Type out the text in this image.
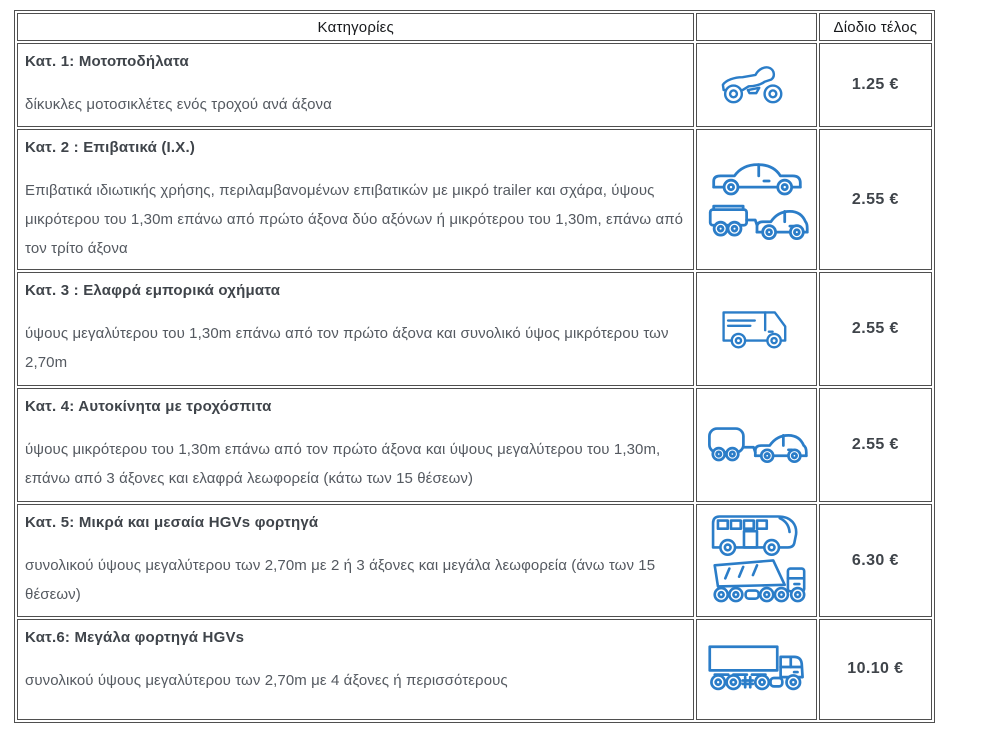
Κατηγορίες		Δίοδιο τέλος

Κατ. 1: Μοτοποδήλατα

δίκυκλες μοτοσικλέτες ενός τροχού ανά άξονα		1.25 €

Κατ. 2 : Επιβατικά (Ι.Χ.)

Επιβατικά ιδιωτικής χρήσης, περιλαμβανομένων επιβατικών με μικρό trailer και σχάρα, ύψους μικρότερου του 1,30m επάνω από πρώτο άξονα δύο αξόνων ή μικρότερου του 1,30m, επάνω από τον τρίτο άξονα		2.55 €

Κατ. 3 : Ελαφρά εμπορικά οχήματα

ύψους μεγαλύτερου του 1,30m επάνω από τον πρώτο άξονα και συνολικό ύψος μικρότερου των 2,70m		2.55 €

Κατ. 4: Αυτοκίνητα με τροχόσπιτα

ύψους μικρότερου του 1,30m επάνω από τον πρώτο άξονα και ύψους μεγαλύτερου του 1,30m, επάνω από 3 άξονες και ελαφρά λεωφορεία (κάτω των 15 θέσεων)		2.55 €

Κατ. 5: Μικρά και μεσαία HGVs φορτηγά

συνολικού ύψους μεγαλύτερου των 2,70m με 2 ή 3 άξονες και μεγάλα λεωφορεία (άνω των 15 θέσεων)		6.30 €

Κατ.6: Μεγάλα φορτηγά HGVs

συνολικού ύψους μεγαλύτερου των 2,70m με 4 άξονες ή περισσότερους		10.10 €
